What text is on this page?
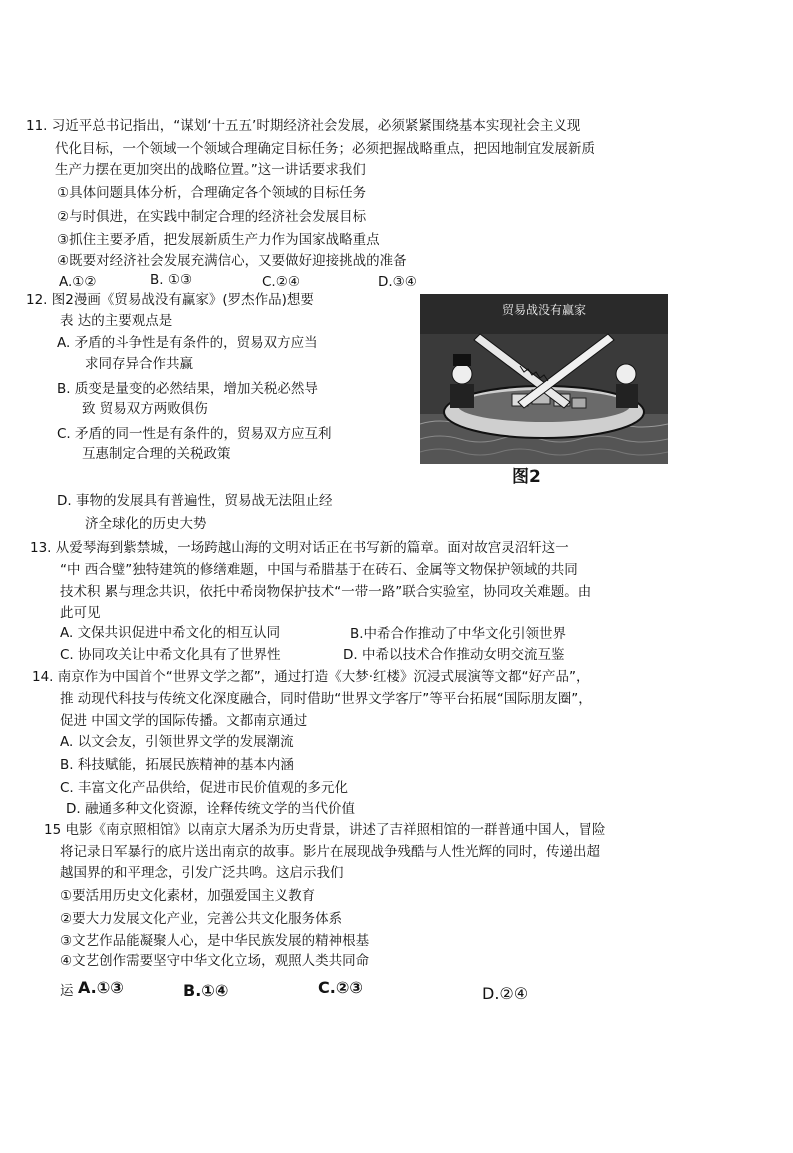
11. 习近平总书记指出，“谋划‘十五五’时期经济社会发展，必须紧紧围绕基本实现社会主义现
代化目标，一个领域一个领域合理确定目标任务；必须把握战略重点，把因地制宜发展新质
生产力摆在更加突出的战略位置。”这一讲话要求我们
①具体问题具体分析，合理确定各个领域的目标任务
②与时俱进，在实践中制定合理的经济社会发展目标
③抓住主要矛盾，把发展新质生产力作为国家战略重点
④既要对经济社会发展充满信心，又要做好迎接挑战的准备
A.①②	B. ①③	C.②④	D.③④
12. 图2漫画《贸易战没有赢家》(罗杰作品)想要
表 达的主要观点是
A. 矛盾的斗争性是有条件的，贸易双方应当
求同存异合作共赢
B. 质变是量变的必然结果，增加关税必然导
致 贸易双方两败俱伤
C. 矛盾的同一性是有条件的，贸易双方应互利
互惠制定合理的关税政策
贸易战没有赢家
图2
D. 事物的发展具有普遍性，贸易战无法阻止经
济全球化的历史大势
13. 从爱琴海到紫禁城，一场跨越山海的文明对话正在书写新的篇章。面对故宫灵沼轩这一
“中 西合璧”独特建筑的修缮难题，中国与希腊基于在砖石、金属等文物保护领域的共同
技术积 累与理念共识，依托中希岗物保护技术“一带一路”联合实验室，协同攻关难题。由
此可见
A. 文保共识促进中希文化的相互认同	B.中希合作推动了中华文化引领世界
C. 协同攻关让中希文化具有了世界性	D. 中希以技术合作推动女明交流互鉴
14. 南京作为中国首个“世界文学之都”，通过打造《大梦·红楼》沉浸式展演等文都“好产品”，
推 动现代科技与传统文化深度融合，同时借助“世界文学客厅”等平台拓展“国际朋友圈”，
促进 中国文学的国际传播。文都南京通过
A. 以文会友，引领世界文学的发展潮流
B. 科技赋能，拓展民族精神的基本内涵
C. 丰富文化产品供给，促进市民价值观的多元化
D. 融通多种文化资源，诠释传统文学的当代价值
15 电影《南京照相馆》以南京大屠杀为历史背景，讲述了吉祥照相馆的一群普通中国人，冒险
将记录日军暴行的底片送出南京的故事。影片在展现战争残酷与人性光辉的同时，传递出超
越国界的和平理念，引发广泛共鸣。这启示我们
①要活用历史文化素材，加强爱国主义教育
②要大力发展文化产业，完善公共文化服务体系
③文艺作品能凝聚人心，是中华民族发展的精神根基
④文艺创作需要坚守中华文化立场，观照人类共同命
运 A.①③	B.①④	C.②③	D.②④
